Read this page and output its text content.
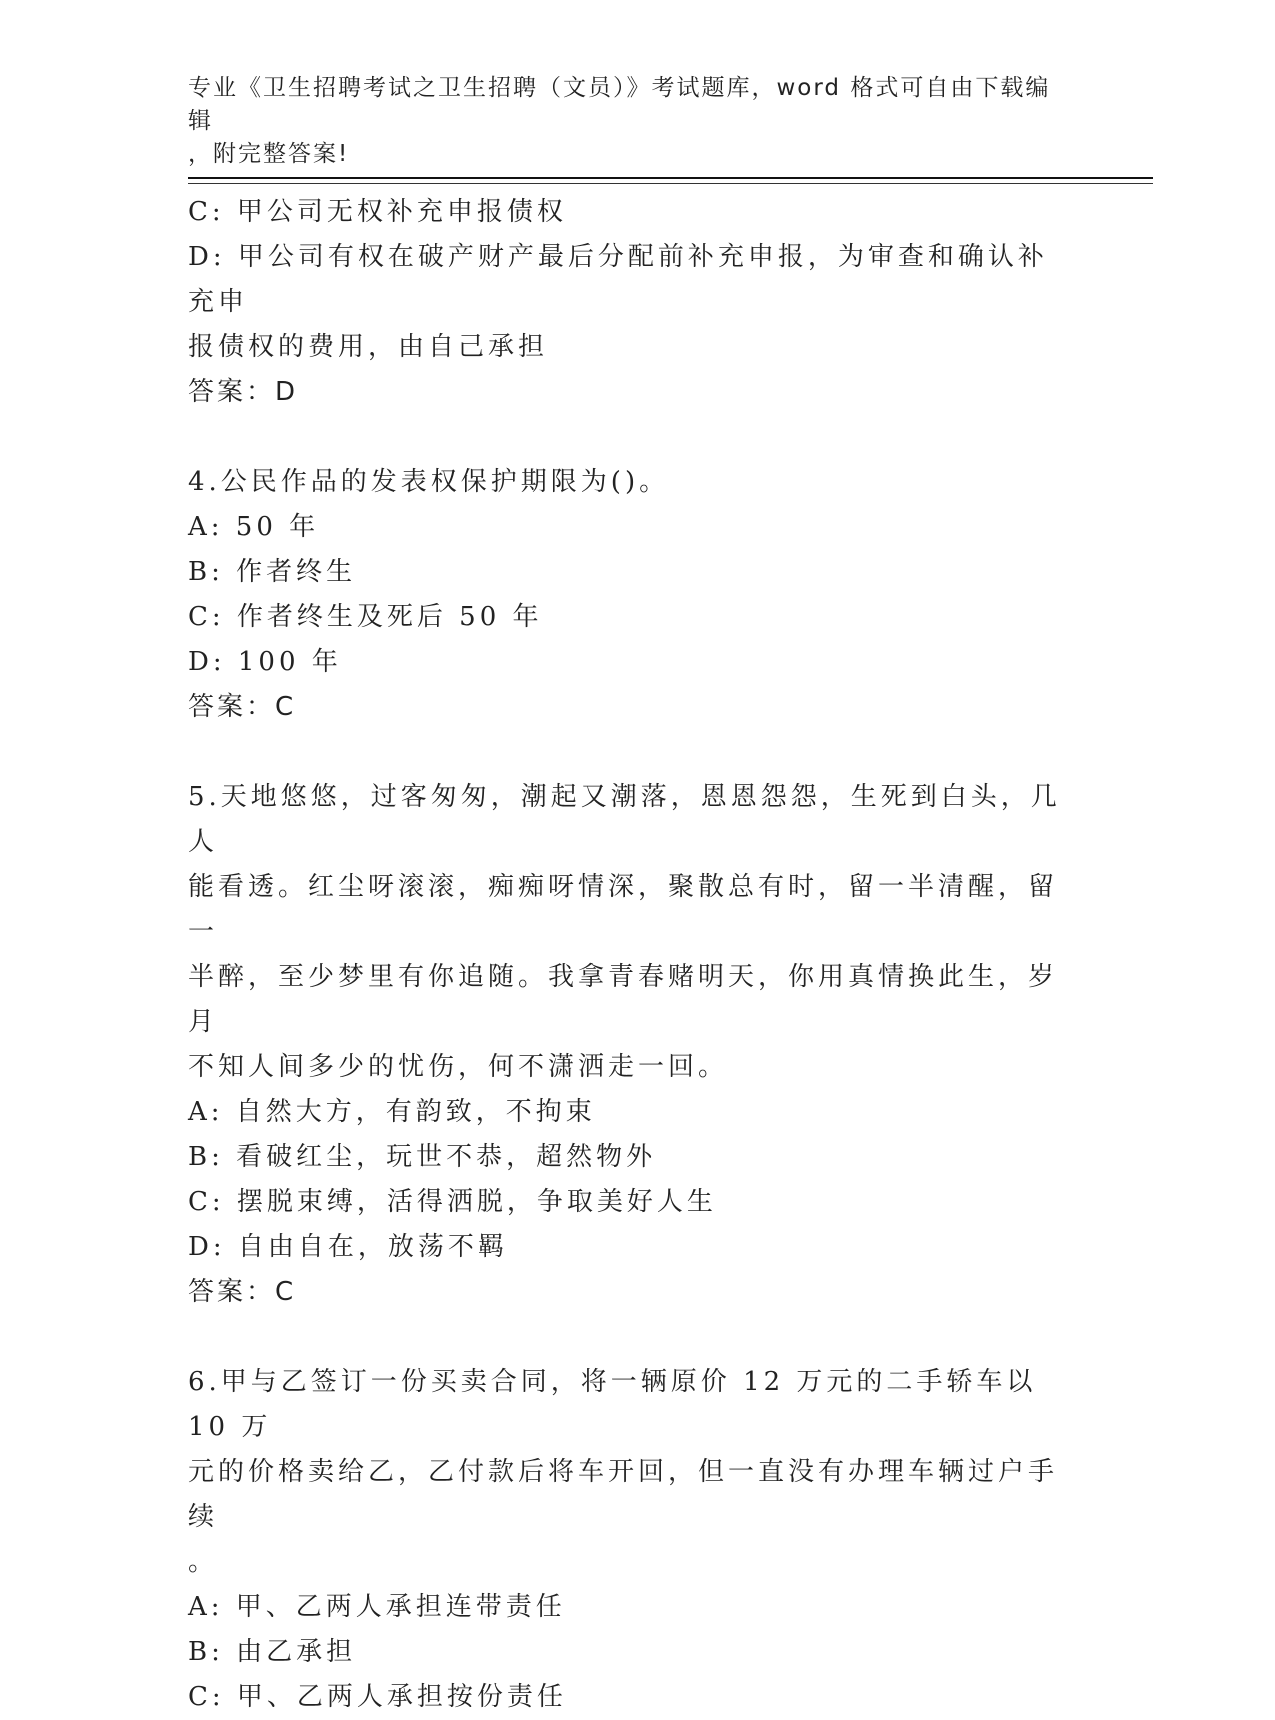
专业《卫生招聘考试之卫生招聘（文员）》考试题库，word 格式可自由下载编辑
，附完整答案!
C: 甲公司无权补充申报债权
D: 甲公司有权在破产财产最后分配前补充申报，为审查和确认补充申
报债权的费用，由自己承担
答案：D
4.公民作品的发表权保护期限为()。
A: 50 年
B: 作者终生
C: 作者终生及死后 50 年
D: 100 年
答案：C
5.天地悠悠，过客匆匆，潮起又潮落，恩恩怨怨，生死到白头，几人
能看透。红尘呀滚滚，痴痴呀情深，聚散总有时，留一半清醒，留一
半醉，至少梦里有你追随。我拿青春赌明天，你用真情换此生，岁月
不知人间多少的忧伤，何不潇洒走一回。
A: 自然大方，有韵致，不拘束
B: 看破红尘，玩世不恭，超然物外
C: 摆脱束缚，活得洒脱，争取美好人生
D: 自由自在，放荡不羁
答案：C
6.甲与乙签订一份买卖合同，将一辆原价 12 万元的二手轿车以 10 万
元的价格卖给乙，乙付款后将车开回，但一直没有办理车辆过户手续
。
A: 甲、乙两人承担连带责任
B: 由乙承担
C: 甲、乙两人承担按份责任
